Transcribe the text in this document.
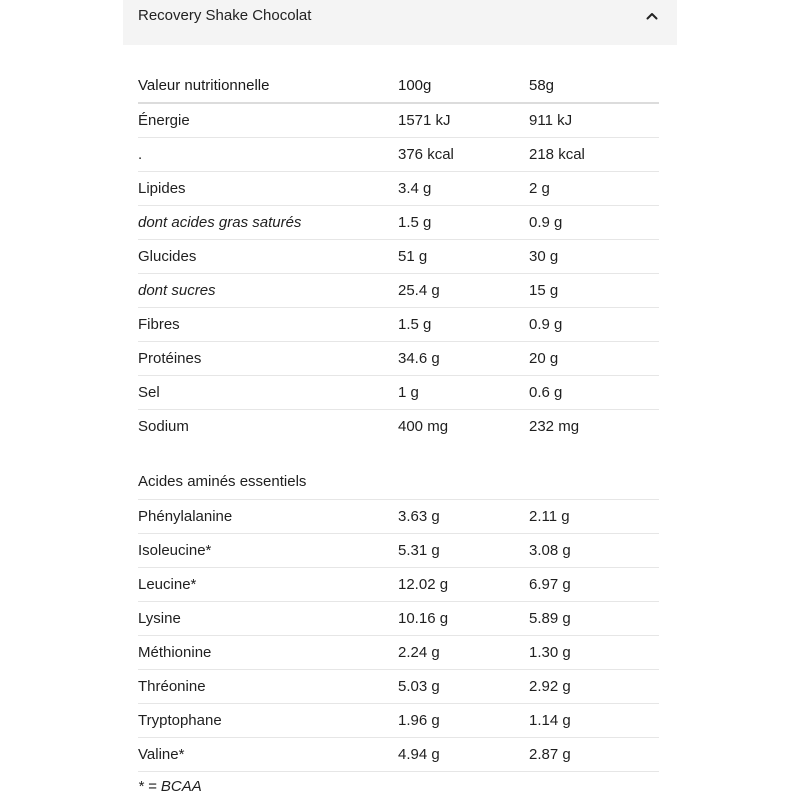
Recovery Shake Chocolat
Valeur nutritionnelle	100g	58g
Énergie	1571 kJ	911 kJ
.	376 kcal	218 kcal
Lipides	3.4 g	2 g
dont acides gras saturés	1.5 g	0.9 g
Glucides	51 g	30 g
dont sucres	25.4 g	15 g
Fibres	1.5 g	0.9 g
Protéines	34.6 g	20 g
Sel	1 g	0.6 g
Sodium	400 mg	232 mg
Acides aminés essentiels
Phénylalanine	3.63 g	2.11 g
Isoleucine*	5.31 g	3.08 g
Leucine*	12.02 g	6.97 g
Lysine	10.16 g	5.89 g
Méthionine	2.24 g	1.30 g
Thréonine	5.03 g	2.92 g
Tryptophane	1.96 g	1.14 g
Valine*	4.94 g	2.87 g
* = BCAA
